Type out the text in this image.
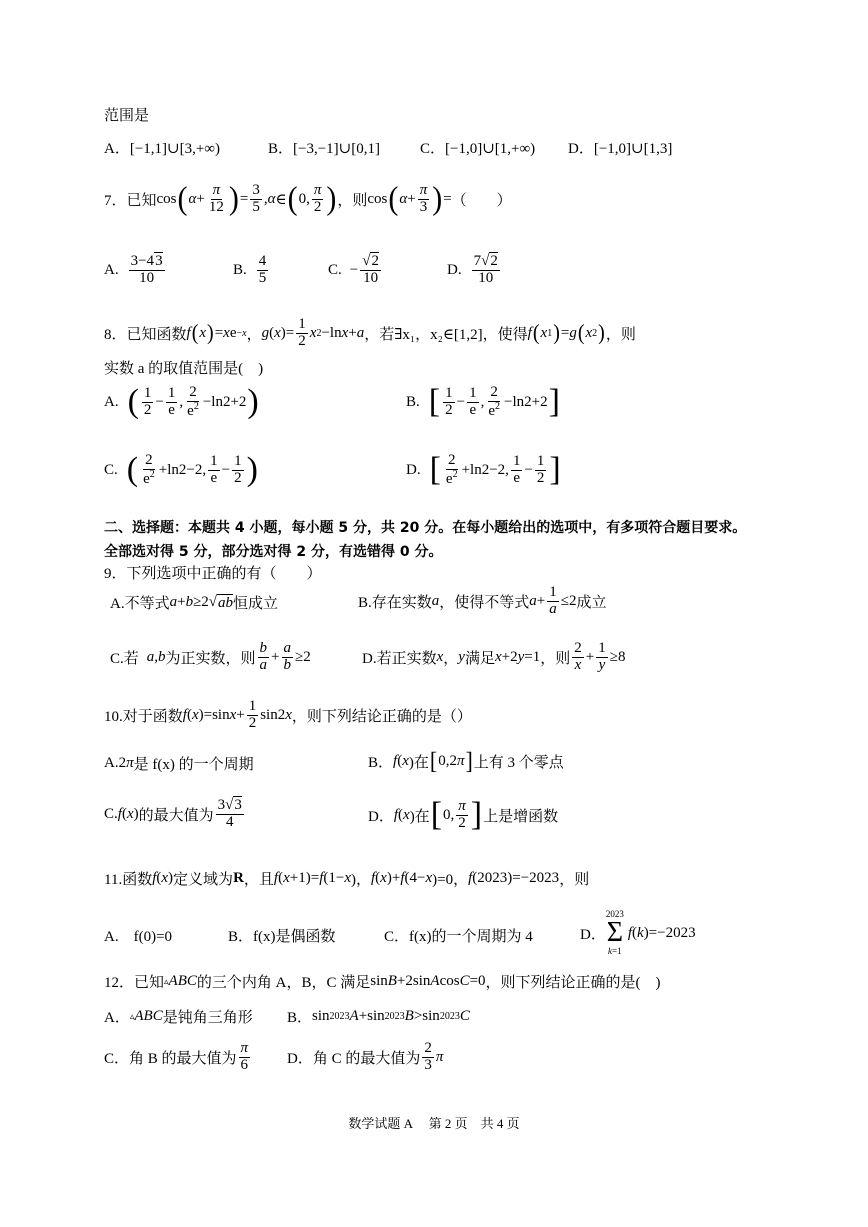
范围是
A．[−1,1]∪[3,+∞)	B．[−3,−1]∪[0,1]	C．[−1,0]∪[1,+∞) D．[−1,0]∪[1,3]
7．已知 cos ( $\alpha + \frac{\pi}{12}$ ) = $\frac{3}{5}$ , α ∈ ( 0, $\frac{\pi}{2}$ ) ，则 cos ( $\alpha + \frac{\pi}{3}$ ) = （　　）
A. $\frac{3-43}{10}$	B. $\frac{4}{5}$	C. − $\frac{√2}{10}$	D. $\frac{7√2}{10}$
8．已知函数 f ( x ) = x e −x ， g ( x )= $\frac{1}{2}$ x 2 −ln x + a ，若∃x₁，x₂∈[1,2]，使得 f ( x 1 ) = g ( x 2 ) ，则
实数 a 的取值范围是(　)
A. ( $\frac{1}{2} - \frac{1}{e}$ , $\frac{2}{e^2} -\ln 2+2$ )	B. [ $\frac{1}{2} - \frac{1}{e}$ , $\frac{2}{e^2} -\ln 2+2$ ]
C. ( $\frac{2}{e^2} +\ln 2-2$, $\frac{1}{e} - \frac{1}{2}$ )	D. [ $\frac{2}{e^2} +\ln 2-2$, $\frac{1}{e} - \frac{1}{2}$ ]
二、选择题：本题共 4 小题，每小题 5 分，共 20 分。在每小题给出的选项中，有多项符合题目要求。
全部选对得 5 分，部分选对得 2 分，有选错得 0 分。
9．下列选项中正确的有（　　）
A.不等式 a + b ≥2√ ab 恒成立	B.存在实数 a ，使得不等式 $a + \frac{1}{a} \le 2$ 成立
C.若 a , b 为正实数，则 $\frac{b}{a} + \frac{a}{b} \ge 2$	D.若正实数 x ， y 满足 x +2 y =1 ，则 $\frac{2}{x} + \frac{1}{y} \ge 8$
10.对于函数 f ( x )=sin $x + \frac{1}{2} \sin 2$ x ，则下列结论正确的是（）
A. 2 π 是 f(x) 的一个周期	B． f ( x )在 [ 0,2 π ] 上有 3 个零点
C. f ( x ) 的最大值为 $\frac{3√3}{4}$	D． f ( x )在 [ 0, $\frac{\pi}{2}$ ] 上是增函数
11.函数 f ( x ) 定义域为 R ，且 f ( x +1)= f (1− x )， f ( x )+ f (4− x )=0， f (2023)=−2023 ，则
A.　f(0)=0	B．f(x)是偶函数	C．f(x)的一个周期为 4	D．
2023
Σ
k=1
f ( k )=−2023
12．已知 ▵ ABC 的三个内角 A，B，C 满足 sin B +2sin A cos C =0 ，则下列结论正确的是(　)
A． ▵ ABC 是钝角三角形 B． sin 2023 A +sin 2023 B >sin 2023 C
C．角 B 的最大值为 $\frac{\pi}{6}$ D．角 C 的最大值为 $\frac{2}{3}$ π
数学试题 A　 第 2 页　共 4 页
